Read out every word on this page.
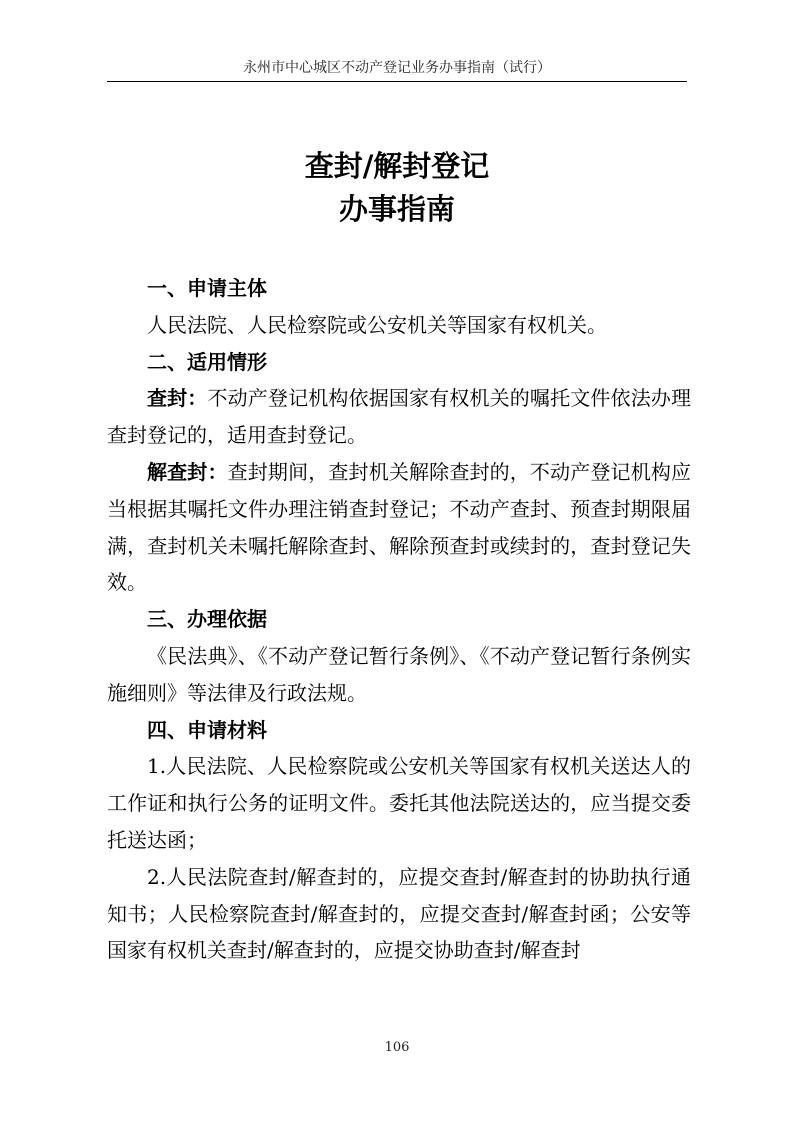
永州市中心城区不动产登记业务办事指南（试行）
查封/解封登记
办事指南

一、申请主体

人民法院、人民检察院或公安机关等国家有权机关。

二、适用情形

查封：不动产登记机构依据国家有权机关的嘱托文件依法办理查封登记的，适用查封登记。

解查封：查封期间，查封机关解除查封的，不动产登记机构应当根据其嘱托文件办理注销查封登记；不动产查封、预查封期限届满，查封机关未嘱托解除查封、解除预查封或续封的，查封登记失效。

三、办理依据

《民法典》、《不动产登记暂行条例》、《不动产登记暂行条例实施细则》等法律及行政法规。

四、申请材料

1.人民法院、人民检察院或公安机关等国家有权机关送达人的工作证和执行公务的证明文件。委托其他法院送达的，应当提交委托送达函；

2.人民法院查封/解查封的，应提交查封/解查封的协助执行通知书；人民检察院查封/解查封的，应提交查封/解查封函；公安等国家有权机关查封/解查封的，应提交协助查封/解查封

106
